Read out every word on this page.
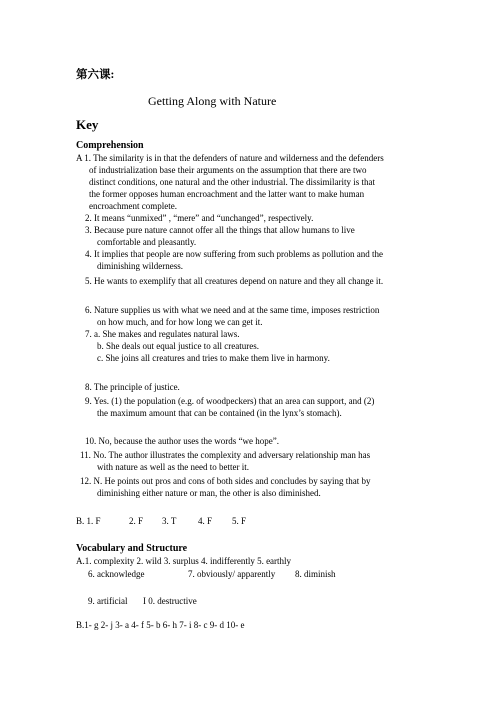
第六课:
Getting Along with Nature
Key
Comprehension
A 1. The similarity is in that the defenders of nature and wilderness and the defenders
of industrialization base their arguments on the assumption that there are two
distinct conditions, one natural and the other industrial. The dissimilarity is that
the former opposes human encroachment and the latter want to make human
encroachment complete.
2. It means “unmixed” , “mere” and “unchanged”, respectively.
3. Because pure nature cannot offer all the things that allow humans to live
comfortable and pleasantly.
4. It implies that people are now suffering from such problems as pollution and the
diminishing wilderness.
5. He wants to exemplify that all creatures depend on nature and they all change it.
6. Nature supplies us with what we need and at the same time, imposes restriction
on how much, and for how long we can get it.
7. a. She makes and regulates natural laws.
b. She deals out equal justice to all creatures.
c. She joins all creatures and tries to make them live in harmony.
8. The principle of justice.
9. Yes. (1) the population (e.g. of woodpeckers) that an area can support, and (2)
the maximum amount that can be contained (in the lynx’s stomach).
10. No, because the author uses the words “we hope”.
11. No. The author illustrates the complexity and adversary relationship man has
with nature as well as the need to better it.
12. N. He points out pros and cons of both sides and concludes by saying that by
diminishing either nature or man, the other is also diminished.
B. 1. F	2. F 3. T 4. F 5. F
Vocabulary and Structure
A.1. complexity 2. wild 3. surplus 4. indifferently 5. earthly
6. acknowledge	7. obviously/ apparently 8. diminish
9. artificial I 0. destructive
B.1- g 2- j 3- a 4- f 5- b 6- h 7- i 8- c 9- d 10- e
